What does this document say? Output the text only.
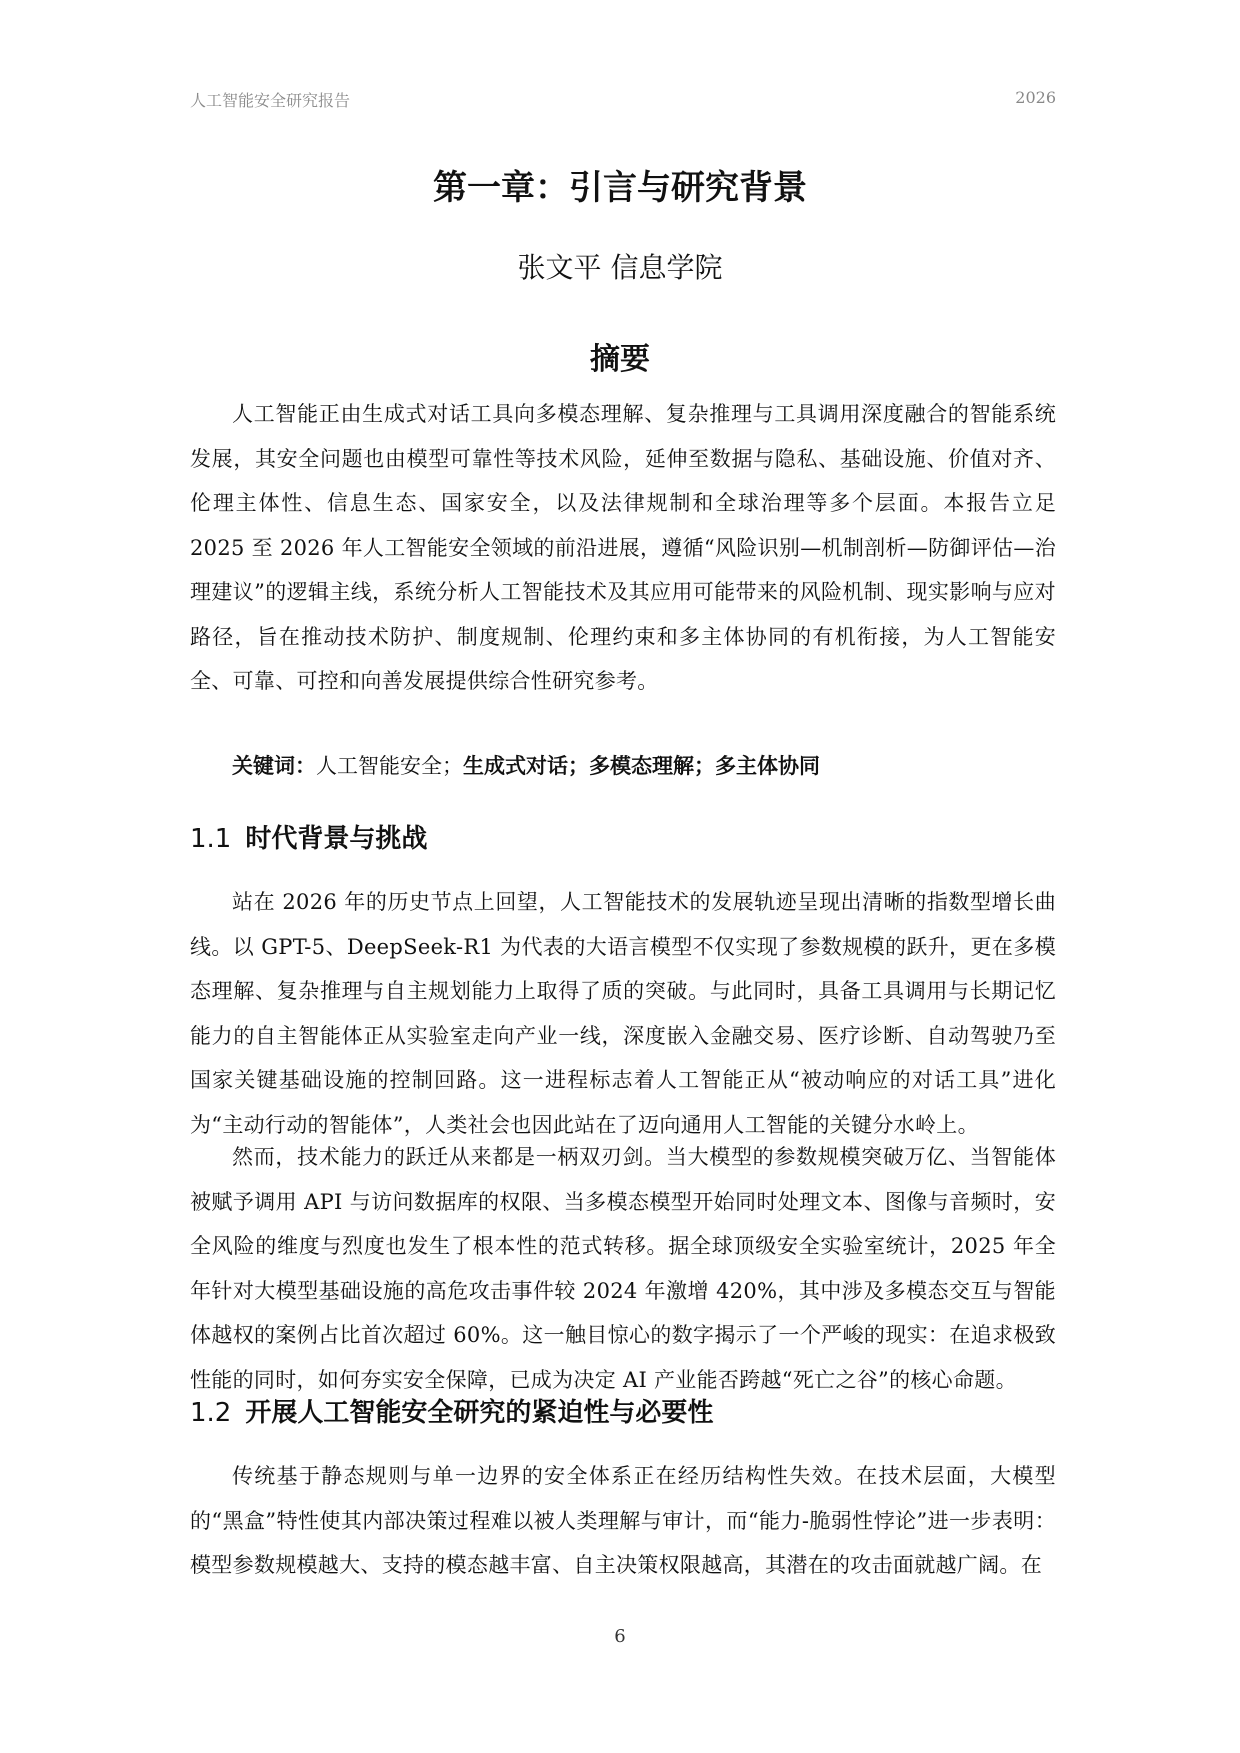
人工智能安全研究报告	2026
第一章：引言与研究背景
张文平 信息学院
摘要

人工智能正由生成式对话工具向多模态理解、复杂推理与工具调用深度融合的智能系统发展，其安全问题也由模型可靠性等技术风险，延伸至数据与隐私、基础设施、价值对齐、伦理主体性、信息生态、国家安全，以及法律规制和全球治理等多个层面。本报告立足 2025 至 2026 年人工智能安全领域的前沿进展，遵循“风险识别—机制剖析—防御评估—治理建议”的逻辑主线，系统分析人工智能技术及其应用可能带来的风险机制、现实影响与应对路径，旨在推动技术防护、制度规制、伦理约束和多主体协同的有机衔接，为人工智能安全、可靠、可控和向善发展提供综合性研究参考。

关键词：人工智能安全；生成式对话；多模态理解；多主体协同
1.1 时代背景与挑战

站在 2026 年的历史节点上回望，人工智能技术的发展轨迹呈现出清晰的指数型增长曲线。以 GPT-5、DeepSeek-R1 为代表的大语言模型不仅实现了参数规模的跃升，更在多模态理解、复杂推理与自主规划能力上取得了质的突破。与此同时，具备工具调用与长期记忆能力的自主智能体正从实验室走向产业一线，深度嵌入金融交易、医疗诊断、自动驾驶乃至国家关键基础设施的控制回路。这一进程标志着人工智能正从“被动响应的对话工具”进化为“主动行动的智能体”，人类社会也因此站在了迈向通用人工智能的关键分水岭上。

然而，技术能力的跃迁从来都是一柄双刃剑。当大模型的参数规模突破万亿、当智能体被赋予调用 API 与访问数据库的权限、当多模态模型开始同时处理文本、图像与音频时，安全风险的维度与烈度也发生了根本性的范式转移。据全球顶级安全实验室统计，2025 年全年针对大模型基础设施的高危攻击事件较 2024 年激增 420%，其中涉及多模态交互与智能体越权的案例占比首次超过 60%。这一触目惊心的数字揭示了一个严峻的现实：在追求极致性能的同时，如何夯实安全保障，已成为决定 AI 产业能否跨越“死亡之谷”的核心命题。

1.2 开展人工智能安全研究的紧迫性与必要性

传统基于静态规则与单一边界的安全体系正在经历结构性失效。在技术层面，大模型的“黑盒”特性使其内部决策过程难以被人类理解与审计，而“能力-脆弱性悖论”进一步表明：模型参数规模越大、支持的模态越丰富、自主决策权限越高，其潜在的攻击面就越广阔。在

6
